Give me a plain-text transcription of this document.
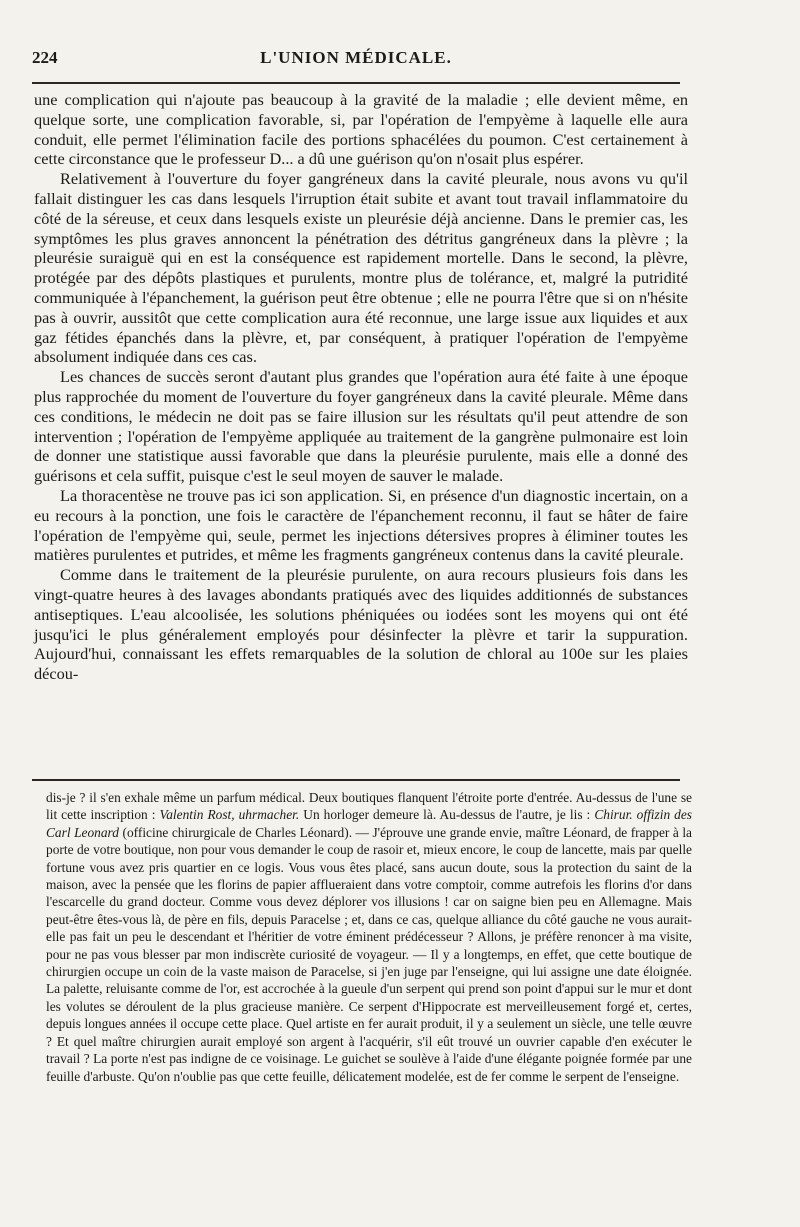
224	L'UNION MÉDICALE.

une complication qui n'ajoute pas beaucoup à la gravité de la maladie ; elle devient même, en quelque sorte, une complication favorable, si, par l'opération de l'empyème à laquelle elle aura conduit, elle permet l'élimination facile des portions sphacélées du poumon. C'est certainement à cette circonstance que le professeur D... a dû une guérison qu'on n'osait plus espérer.

Relativement à l'ouverture du foyer gangréneux dans la cavité pleurale, nous avons vu qu'il fallait distinguer les cas dans lesquels l'irruption était subite et avant tout travail inflammatoire du côté de la séreuse, et ceux dans lesquels existe un pleurésie déjà ancienne. Dans le premier cas, les symptômes les plus graves annoncent la pénétration des détritus gangréneux dans la plèvre ; la pleurésie suraiguë qui en est la conséquence est rapidement mortelle. Dans le second, la plèvre, protégée par des dépôts plastiques et purulents, montre plus de tolérance, et, malgré la putridité communiquée à l'épanchement, la guérison peut être obtenue ; elle ne pourra l'être que si on n'hésite pas à ouvrir, aussitôt que cette complication aura été reconnue, une large issue aux liquides et aux gaz fétides épanchés dans la plèvre, et, par conséquent, à pratiquer l'opération de l'empyème absolument indiquée dans ces cas.

Les chances de succès seront d'autant plus grandes que l'opération aura été faite à une époque plus rapprochée du moment de l'ouverture du foyer gangréneux dans la cavité pleurale. Même dans ces conditions, le médecin ne doit pas se faire illusion sur les résultats qu'il peut attendre de son intervention ; l'opération de l'empyème appliquée au traitement de la gangrène pulmonaire est loin de donner une statistique aussi favorable que dans la pleurésie purulente, mais elle a donné des guérisons et cela suffit, puisque c'est le seul moyen de sauver le malade.

La thoracentèse ne trouve pas ici son application. Si, en présence d'un diagnostic incertain, on a eu recours à la ponction, une fois le caractère de l'épanchement reconnu, il faut se hâter de faire l'opération de l'empyème qui, seule, permet les injections détersives propres à éliminer toutes les matières purulentes et putrides, et même les fragments gangréneux contenus dans la cavité pleurale.

Comme dans le traitement de la pleurésie purulente, on aura recours plusieurs fois dans les vingt-quatre heures à des lavages abondants pratiqués avec des liquides additionnés de substances antiseptiques. L'eau alcoolisée, les solutions phéniquées ou iodées sont les moyens qui ont été jusqu'ici le plus généralement employés pour désinfecter la plèvre et tarir la suppuration. Aujourd'hui, connaissant les effets remarquables de la solution de chloral au 100e sur les plaies décou-

dis-je ? il s'en exhale même un parfum médical. Deux boutiques flanquent l'étroite porte d'entrée. Au-dessus de l'une se lit cette inscription : Valentin Rost, uhrmacher. Un horloger demeure là. Au-dessus de l'autre, je lis : Chirur. offizin des Carl Leonard (officine chirurgicale de Charles Léonard). — J'éprouve une grande envie, maître Léonard, de frapper à la porte de votre boutique, non pour vous demander le coup de rasoir et, mieux encore, le coup de lancette, mais par quelle fortune vous avez pris quartier en ce logis. Vous vous êtes placé, sans aucun doute, sous la protection du saint de la maison, avec la pensée que les florins de papier afflueraient dans votre comptoir, comme autrefois les florins d'or dans l'escarcelle du grand docteur. Comme vous devez déplorer vos illusions ! car on saigne bien peu en Allemagne. Mais peut-être êtes-vous là, de père en fils, depuis Paracelse ; et, dans ce cas, quelque alliance du côté gauche ne vous aurait-elle pas fait un peu le descendant et l'héritier de votre éminent prédécesseur ? Allons, je préfère renoncer à ma visite, pour ne pas vous blesser par mon indiscrète curiosité de voyageur. — Il y a longtemps, en effet, que cette boutique de chirurgien occupe un coin de la vaste maison de Paracelse, si j'en juge par l'enseigne, qui lui assigne une date éloignée. La palette, reluisante comme de l'or, est accrochée à la gueule d'un serpent qui prend son point d'appui sur le mur et dont les volutes se déroulent de la plus gracieuse manière. Ce serpent d'Hippocrate est merveilleusement forgé et, certes, depuis longues années il occupe cette place. Quel artiste en fer aurait produit, il y a seulement un siècle, une telle œuvre ? Et quel maître chirurgien aurait employé son argent à l'acquérir, s'il eût trouvé un ouvrier capable d'en exécuter le travail ? La porte n'est pas indigne de ce voisinage. Le guichet se soulève à l'aide d'une élégante poignée formée par une feuille d'arbuste. Qu'on n'oublie pas que cette feuille, délicatement modelée, est de fer comme le serpent de l'enseigne.
